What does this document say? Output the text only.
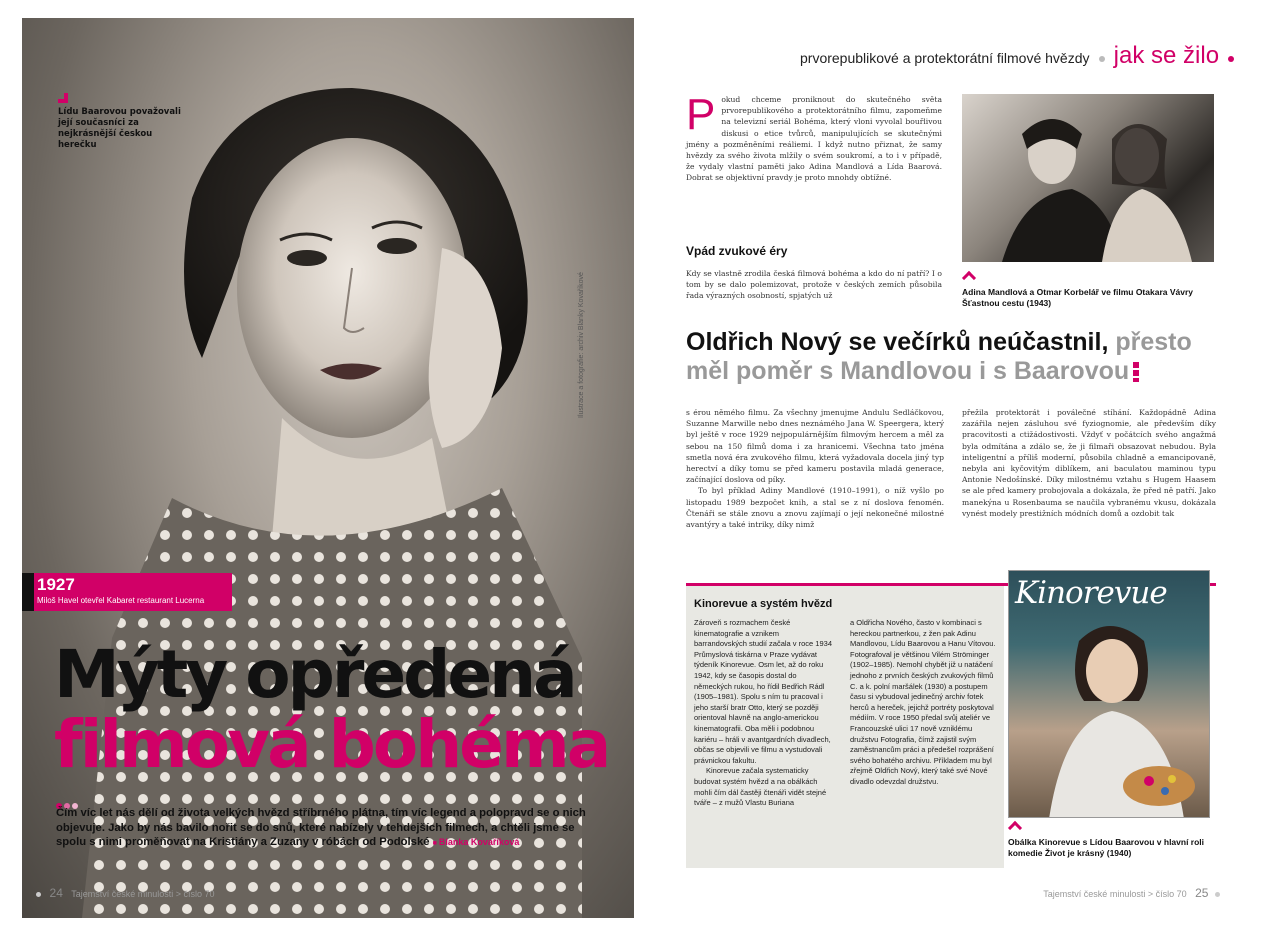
Lídu Baarovou považovali její současníci za nejkrásnější českou herečku

Ilustrace a fotografie: archiv Blanky Kovaříkové
1927
Miloš Havel otevřel Kabaret restaurant Lucerna
Mýty opředená
filmová bohéma

Čím víc let nás dělí od života velkých hvězd stříbrného plátna, tím víc legend a polopravd se o nich objevuje. Jako by nás bavilo nořit se do snů, které nabízely v tehdejších filmech, a chtěli jsme se spolu s nimi proměňovat na Kristiány a Zuzany v róbách od Podolské ■ Blanka Kovaříková

24 Tajemství české minulosti > číslo 70
prvorepublikové a protektorátní filmové hvězdy jak se žilo
P okud chceme proniknout do skutečného světa prvorepublikového a protektorátního filmu, zapomeňme na televizní seriál Bohéma, který vloni vyvolal bouřlivou diskusi o etice tvůrců, manipulujících se skutečnými jmény a pozměněními reáliemi. I když nutno přiznat, že samy hvězdy za svého života mlžily o svém soukromí, a to i v případě, že vydaly vlastní paměti jako Adina Mandlová a Lída Baarová. Dobrat se objektivní pravdy je proto mnohdy obtížné.

Adina Mandlová a Otmar Korbelář ve filmu Otakara Vávry Šťastnou cestu (1943)

Vpád zvukové éry

Kdy se vlastně zrodila česká filmová bohéma a kdo do ní patří? I o tom by se dalo polemizovat, protože v českých zemích působila řada výrazných osobností, spjatých už

Oldřich Nový se večírků neúčastnil, přesto měl poměr s Mandlovou i s Baarovou

s érou němého filmu. Za všechny jmenujme Andulu Sedláčkovou, Suzanne Marwille nebo dnes neznámého Jana W. Speergera, který byl ještě v roce 1929 nejpopulárnějším filmovým hercem a měl za sebou na 150 filmů doma i za hranicemi. Všechna tato jména smetla nová éra zvukového filmu, která vyžadovala docela jiný typ herectví a díky tomu se před kameru postavila mladá generace, začínající doslova od píky.

To byl příklad Adiny Mandlové (1910–1991), o níž vyšlo po listopadu 1989 bezpočet knih, a stal se z ní doslova fenomén. Čtenáři se stále znovu a znovu zajímají o její nekonečné milostné avantýry a také intriky, díky nimž

přežila protektorát i poválečné stíhání. Každopádně Adina zazářila nejen zásluhou své fyziognomie, ale především díky pracovitosti a ctižádostivosti. Vždyť v počátcích svého angažmá byla odmítána a zdálo se, že ji filmaři obsazovat nebudou. Byla inteligentní a příliš moderní, působila chladně a emancipovaně, nebyla ani kyčovitým diblíkem, ani baculatou maminou typu Antonie Nedošínské. Díky milostnému vztahu s Hugem Haasem se ale před kamery probojovala a dokázala, že před ně patří. Jako manekýna u Rosenbauma se naučila vybranému vkusu, dokázala vynést modely prestižních módních domů a ozdobit tak

Kinorevue a systém hvězd

Zároveň s rozmachem české kinematografie a vznikem barrandovských studií začala v roce 1934 Průmyslová tiskárna v Praze vydávat týdeník Kinorevue. Osm let, až do roku 1942, kdy se časopis dostal do německých rukou, ho řídil Bedřich Rádl (1905–1981). Spolu s ním tu pracoval i jeho starší bratr Otto, který se později orientoval hlavně na anglo-americkou kinematografii. Oba měli i podobnou kariéru – hráli v avantgardních divadlech, občas se objevili ve filmu a vystudovali právnickou fakultu.

Kinorevue začala systematicky budovat systém hvězd a na obálkách mohli čím dál častěji čtenáři vidět stejné tváře – z mužů Vlastu Buriana

a Oldřicha Nového, často v kombinaci s hereckou partnerkou, z žen pak Adinu Mandlovou, Lídu Baarovou a Hanu Vítovou. Fotografoval je většinou Vilém Ströminger (1902–1985). Nemohl chybět již u natáčení jednoho z prvních českých zvukových filmů C. a k. polní maršálek (1930) a postupem času si vybudoval jedinečný archiv fotek herců a hereček, jejichž portréty poskytoval médiím. V roce 1950 předal svůj ateliér ve Francouzské ulici 17 nově vzniklému družstvu Fotografia, čímž zajistil svým zaměstnancům práci a předešel rozprášení svého bohatého archivu. Příkladem mu byl zřejmě Oldřich Nový, který také své Nové divadlo odevzdal družstvu.

Kinorevue

Obálka Kinorevue s Lídou Baarovou v hlavní roli komedie Život je krásný (1940)

Tajemství české minulosti > číslo 70 25
